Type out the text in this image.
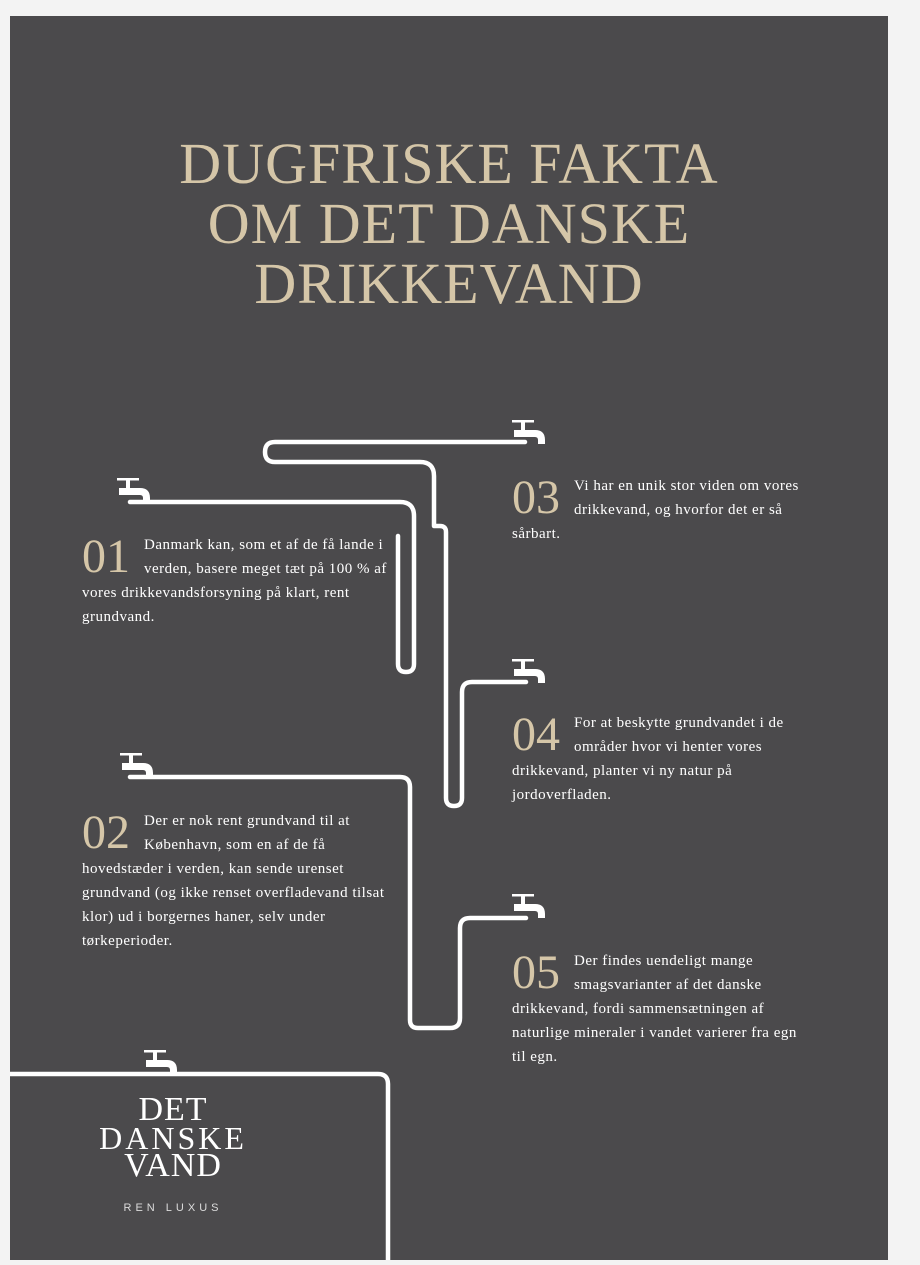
DUGFRISKE FAKTA
OM DET DANSKE
DRIKKEVAND
01 Danmark kan, som et af de få lande i verden, basere meget tæt på 100 % af vores drikkevandsforsyning på klart, rent grundvand.

02 Der er nok rent grundvand til at København, som en af de få hovedstæder i verden, kan sende urenset grundvand (og ikke renset overfladevand tilsat klor) ud i borgernes haner, selv under tørkeperioder.

03 Vi har en unik stor viden om vores drikkevand, og hvorfor det er så sårbart.

04 For at beskytte grundvandet i de områder hvor vi henter vores drikkevand, planter vi ny natur på jordoverfladen.

05 Der findes uendeligt mange smagsvarianter af det danske drikkevand, fordi sammensætningen af naturlige mineraler i vandet varierer fra egn til egn.

DET
DANSKE
VAND
REN LUXUS
